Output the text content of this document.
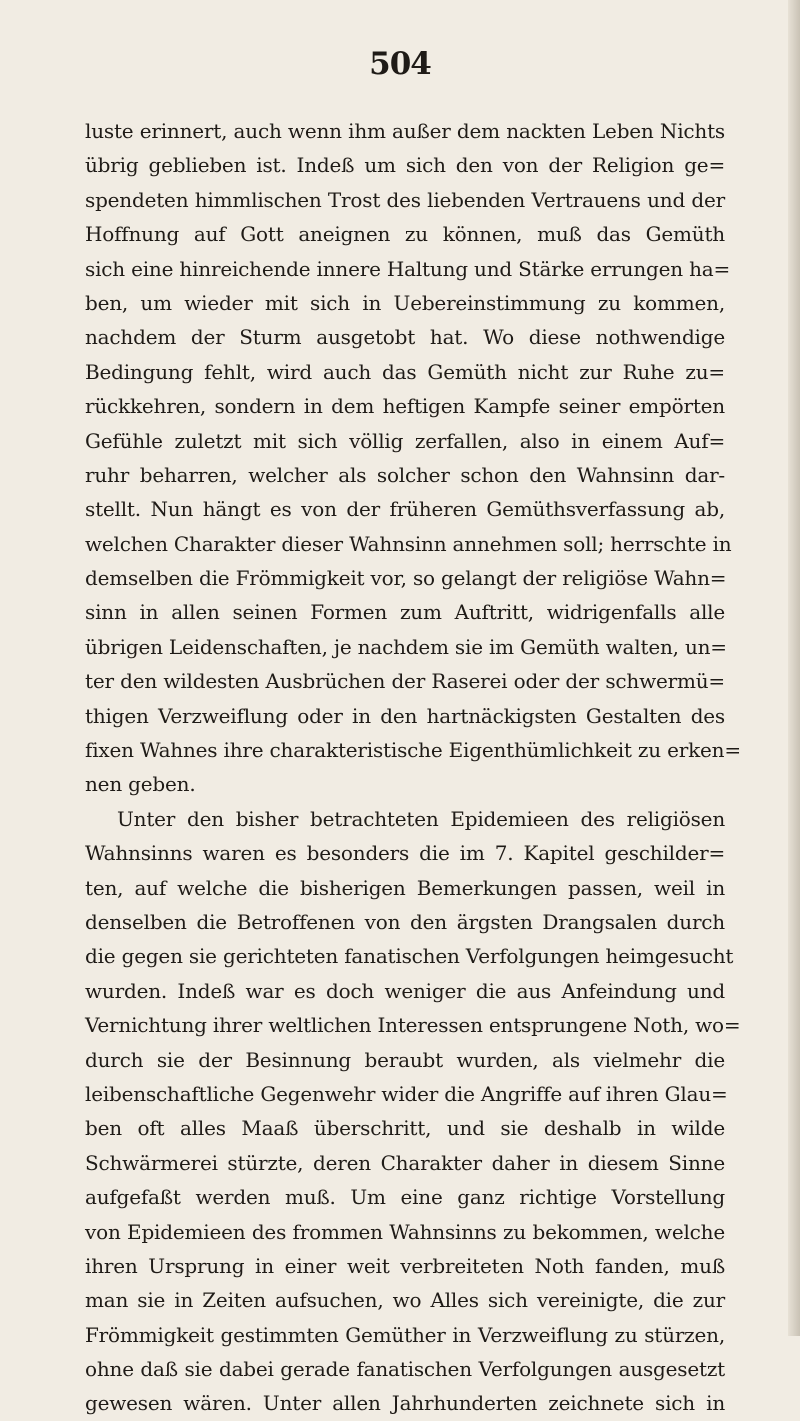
504
luste erinnert, auch wenn ihm außer dem nackten Leben Nichts
übrig geblieben ist. Indeß um sich den von der Religion ge=
spendeten himmlischen Trost des liebenden Vertrauens und der
Hoffnung auf Gott aneignen zu können, muß das Gemüth
sich eine hinreichende innere Haltung und Stärke errungen ha=
ben, um wieder mit sich in Uebereinstimmung zu kommen,
nachdem der Sturm ausgetobt hat. Wo diese nothwendige
Bedingung fehlt, wird auch das Gemüth nicht zur Ruhe zu=
rückkehren, sondern in dem heftigen Kampfe seiner empörten
Gefühle zuletzt mit sich völlig zerfallen, also in einem Auf=
ruhr beharren, welcher als solcher schon den Wahnsinn dar-
stellt. Nun hängt es von der früheren Gemüthsverfassung ab,
welchen Charakter dieser Wahnsinn annehmen soll; herrschte in
demselben die Frömmigkeit vor, so gelangt der religiöse Wahn=
sinn in allen seinen Formen zum Auftritt, widrigenfalls alle
übrigen Leidenschaften, je nachdem sie im Gemüth walten, un=
ter den wildesten Ausbrüchen der Raserei oder der schwermü=
thigen Verzweiflung oder in den hartnäckigsten Gestalten des
fixen Wahnes ihre charakteristische Eigenthümlichkeit zu erken=
nen geben.
Unter den bisher betrachteten Epidemieen des religiösen
Wahnsinns waren es besonders die im 7. Kapitel geschilder=
ten, auf welche die bisherigen Bemerkungen passen, weil in
denselben die Betroffenen von den ärgsten Drangsalen durch
die gegen sie gerichteten fanatischen Verfolgungen heimgesucht
wurden. Indeß war es doch weniger die aus Anfeindung und
Vernichtung ihrer weltlichen Interessen entsprungene Noth, wo=
durch sie der Besinnung beraubt wurden, als vielmehr die
leibenschaftliche Gegenwehr wider die Angriffe auf ihren Glau=
ben oft alles Maaß überschritt, und sie deshalb in wilde
Schwärmerei stürzte, deren Charakter daher in diesem Sinne
aufgefaßt werden muß. Um eine ganz richtige Vorstellung
von Epidemieen des frommen Wahnsinns zu bekommen, welche
ihren Ursprung in einer weit verbreiteten Noth fanden, muß
man sie in Zeiten aufsuchen, wo Alles sich vereinigte, die zur
Frömmigkeit gestimmten Gemüther in Verzweiflung zu stürzen,
ohne daß sie dabei gerade fanatischen Verfolgungen ausgesetzt
gewesen wären. Unter allen Jahrhunderten zeichnete sich in
